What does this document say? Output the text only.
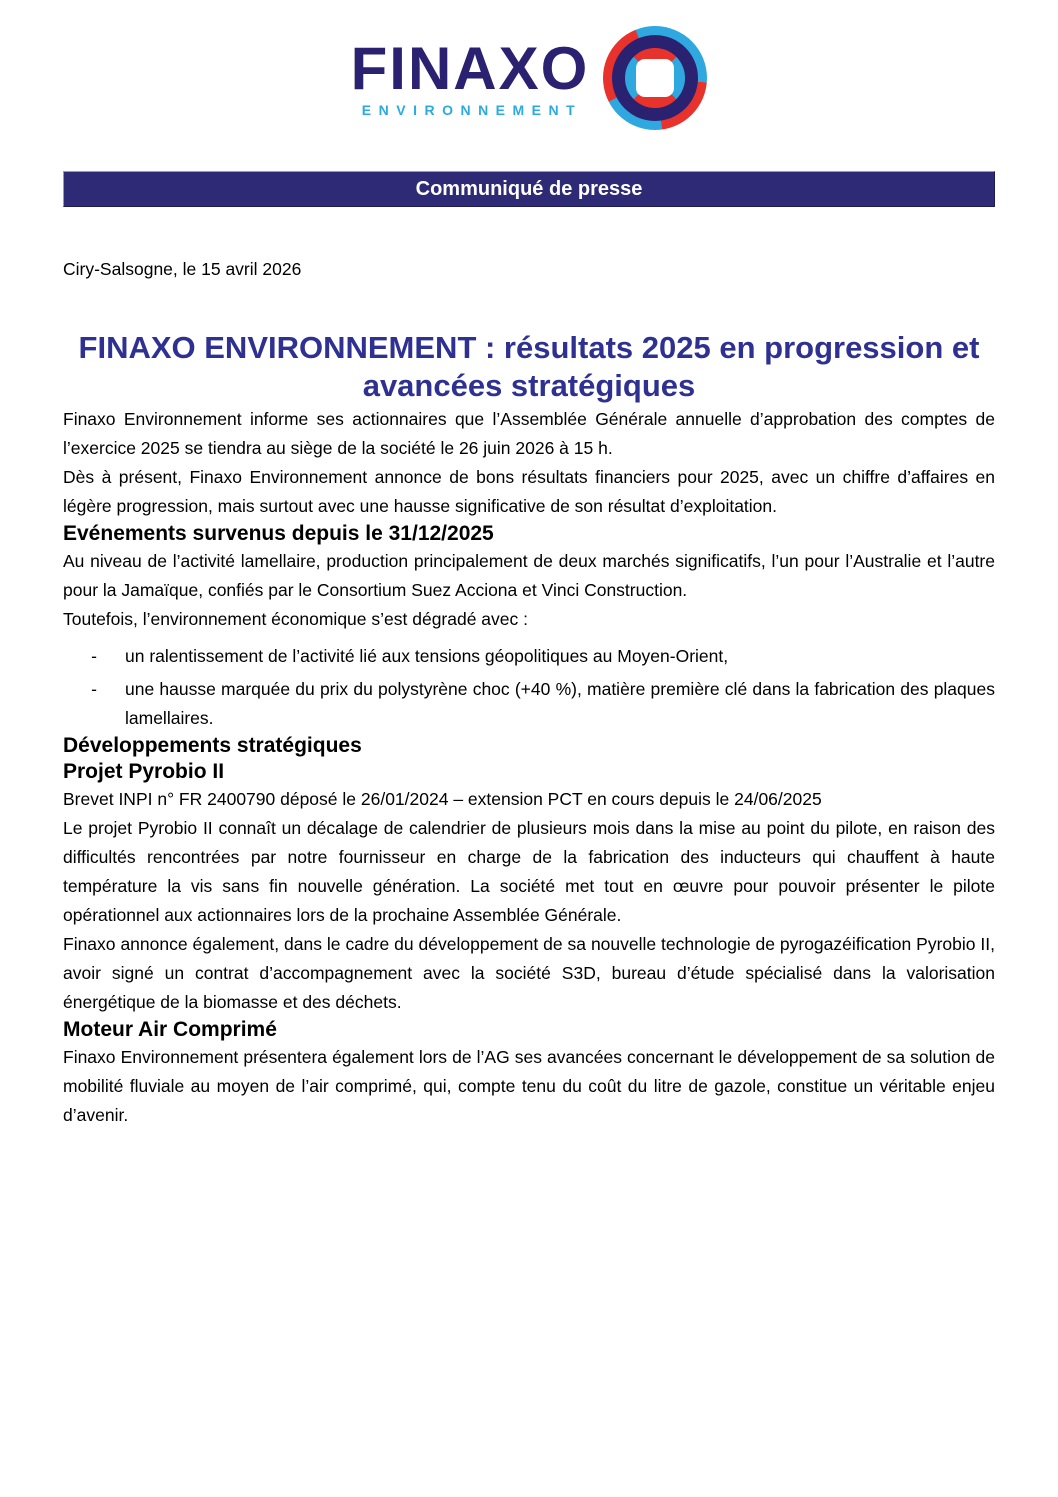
FINAXO
ENVIRONNEMENT
Communiqué de presse
Ciry-Salsogne, le 15 avril 2026
FINAXO ENVIRONNEMENT : résultats 2025 en progression et avancées stratégiques

Finaxo Environnement informe ses actionnaires que l’Assemblée Générale annuelle d’approbation des comptes de l’exercice 2025 se tiendra au siège de la société le 26 juin 2026 à 15 h.

Dès à présent, Finaxo Environnement annonce de bons résultats financiers pour 2025, avec un chiffre d’affaires en légère progression, mais surtout avec une hausse significative de son résultat d’exploitation.

Evénements survenus depuis le 31/12/2025

Au niveau de l’activité lamellaire, production principalement de deux marchés significatifs, l’un pour l’Australie et l’autre pour la Jamaïque, confiés par le Consortium Suez Acciona et Vinci Construction.

Toutefois, l’environnement économique s’est dégradé avec :

-	un ralentissement de l’activité lié aux tensions géopolitiques au Moyen-Orient,
-	une hausse marquée du prix du polystyrène choc (+40 %), matière première clé dans la fabrication des plaques lamellaires.
Développements stratégiques
Projet Pyrobio II

Brevet INPI n° FR 2400790 déposé le 26/01/2024 – extension PCT en cours depuis le 24/06/2025

Le projet Pyrobio II connaît un décalage de calendrier de plusieurs mois dans la mise au point du pilote, en raison des difficultés rencontrées par notre fournisseur en charge de la fabrication des inducteurs qui chauffent à haute température la vis sans fin nouvelle génération. La société met tout en œuvre pour pouvoir présenter le pilote opérationnel aux actionnaires lors de la prochaine Assemblée Générale.

Finaxo annonce également, dans le cadre du développement de sa nouvelle technologie de pyrogazéification Pyrobio II, avoir signé un contrat d’accompagnement avec la société S3D, bureau d’étude spécialisé dans la valorisation énergétique de la biomasse et des déchets.

Moteur Air Comprimé

Finaxo Environnement présentera également lors de l’AG ses avancées concernant le développement de sa solution de mobilité fluviale au moyen de l’air comprimé, qui, compte tenu du coût du litre de gazole, constitue un véritable enjeu d’avenir.
